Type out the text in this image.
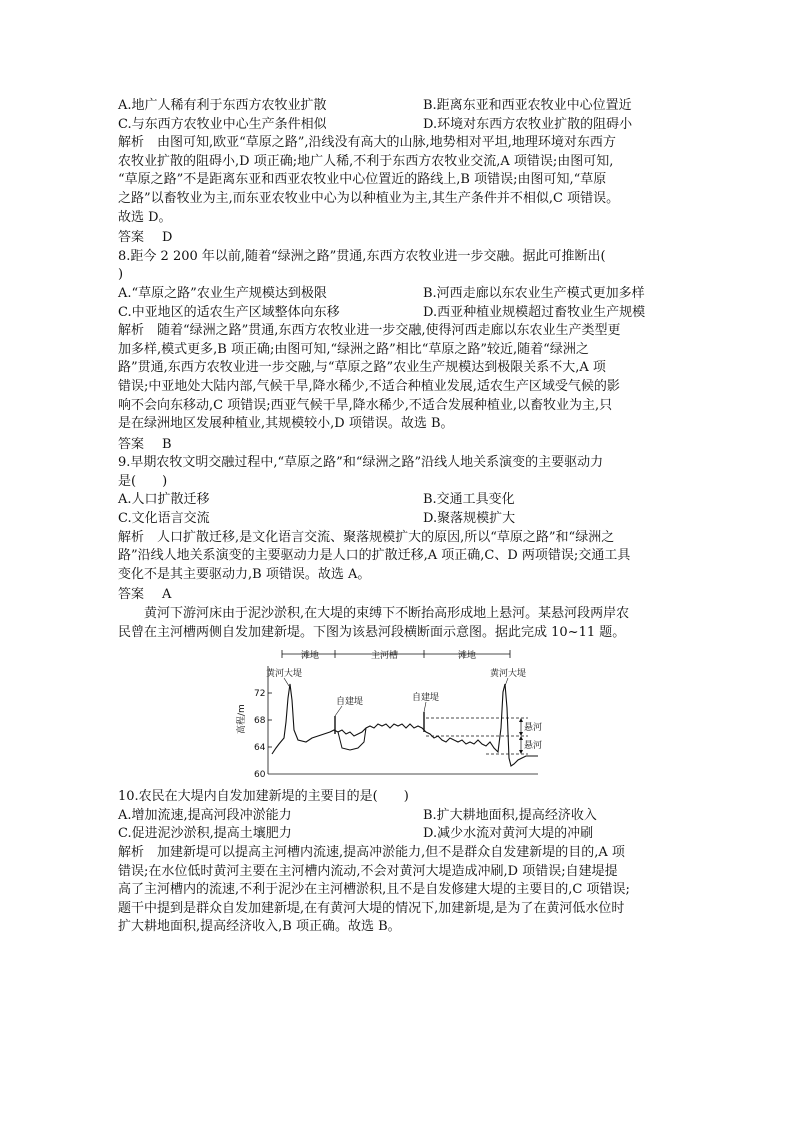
A.地广人稀有利于东西方农牧业扩散	B.距离东亚和西亚农牧业中心位置近
C.与东西方农牧业中心生产条件相似	D.环境对东西方农牧业扩散的阻碍小
解析　由图可知,欧亚“草原之路”,沿线没有高大的山脉,地势相对平坦,地理环境对东西方
农牧业扩散的阻碍小,D 项正确;地广人稀,不利于东西方农牧业交流,A 项错误;由图可知,
“草原之路”不是距离东亚和西亚农牧业中心位置近的路线上,B 项错误;由图可知,“草原
之路”以畜牧业为主,而东亚农牧业中心为以种植业为主,其生产条件并不相似,C 项错误。
故选 D。
答案 D
8.距今 2 200 年以前,随着“绿洲之路”贯通,东西方农牧业进一步交融。据此可推断出(
)
A.“草原之路”农业生产规模达到极限	B.河西走廊以东农业生产模式更加多样
C.中亚地区的适农生产区域整体向东移	D.西亚种植业规模超过畜牧业生产规模
解析　随着“绿洲之路”贯通,东西方农牧业进一步交融,使得河西走廊以东农业生产类型更
加多样,模式更多,B 项正确;由图可知,“绿洲之路”相比“草原之路”较近,随着“绿洲之
路”贯通,东西方农牧业进一步交融,与“草原之路”农业生产规模达到极限关系不大,A 项
错误;中亚地处大陆内部,气候干旱,降水稀少,不适合种植业发展,适农生产区域受气候的影
响不会向东移动,C 项错误;西亚气候干旱,降水稀少,不适合发展种植业,以畜牧业为主,只
是在绿洲地区发展种植业,其规模较小,D 项错误。故选 B。
答案 B
9.早期农牧文明交融过程中,“草原之路”和“绿洲之路”沿线人地关系演变的主要驱动力
是(　　)
A.人口扩散迁移	B.交通工具变化
C.文化语言交流	D.聚落规模扩大
解析　人口扩散迁移,是文化语言交流、聚落规模扩大的原因,所以“草原之路”和“绿洲之
路”沿线人地关系演变的主要驱动力是人口的扩散迁移,A 项正确,C、D 两项错误;交通工具
变化不是其主要驱动力,B 项错误。故选 A。
答案 A
　　黄河下游河床由于泥沙淤积,在大堤的束缚下不断抬高形成地上悬河。某悬河段两岸农
民曾在主河槽两侧自发加建新堤。下图为该悬河段横断面示意图。据此完成 10~11 题。
滩地	主河槽	滩地
黄河大堤	黄河大堤
自建堤	自建堤
悬河
悬河
72
68
64
60
高程/m
10.农民在大堤内自发加建新堤的主要目的是(　　)
A.增加流速,提高河段冲淤能力	B.扩大耕地面积,提高经济收入
C.促进泥沙淤积,提高土壤肥力	D.减少水流对黄河大堤的冲刷
解析　加建新堤可以提高主河槽内流速,提高冲淤能力,但不是群众自发建新堤的目的,A 项
错误;在水位低时黄河主要在主河槽内流动,不会对黄河大堤造成冲刷,D 项错误;自建堤提
高了主河槽内的流速,不利于泥沙在主河槽淤积,且不是自发修建大堤的主要目的,C 项错误;
题干中提到是群众自发加建新堤,在有黄河大堤的情况下,加建新堤,是为了在黄河低水位时
扩大耕地面积,提高经济收入,B 项正确。故选 B。
